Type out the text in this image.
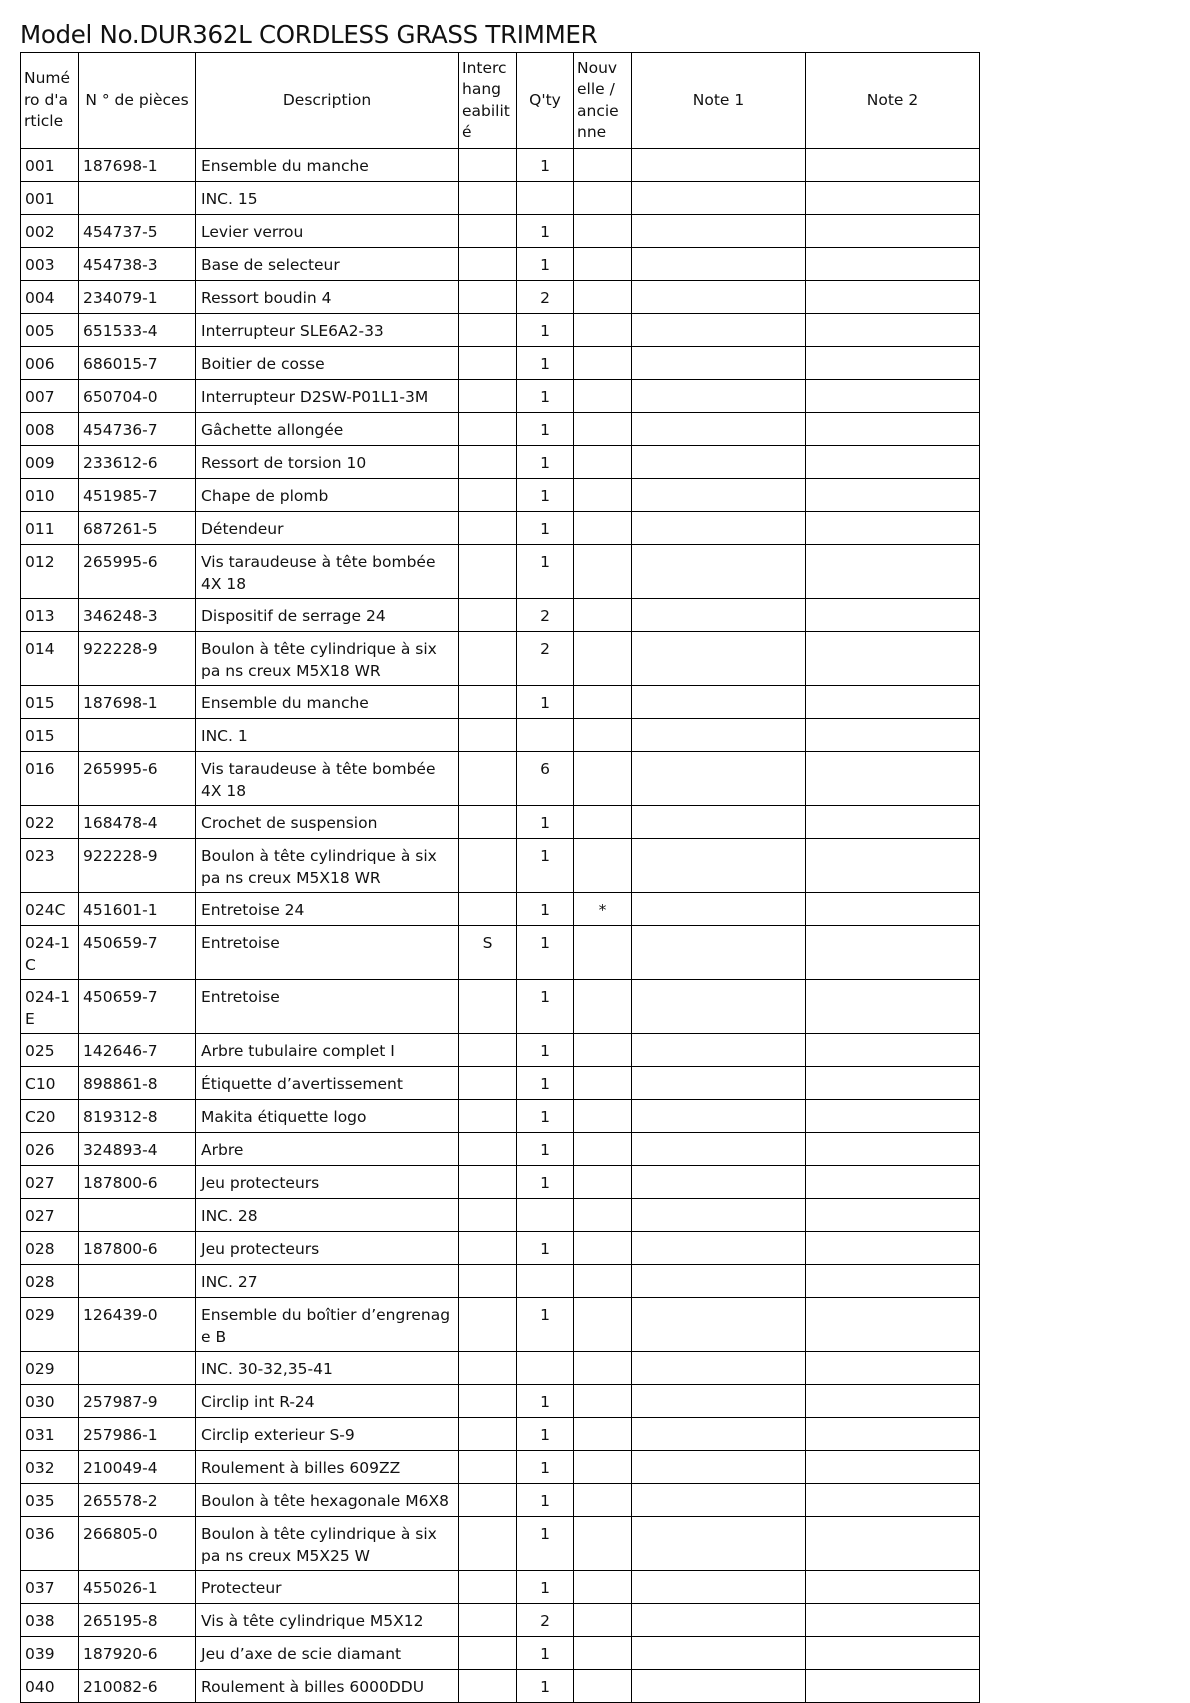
Model No.DUR362L CORDLESS GRASS TRIMMER
Numé ro d'a rticle	N ° de pièces	Description	Interc hang eabilit é	Q'ty	Nouv elle / ancie nne	Note 1	Note 2
001	187698-1	Ensemble du manche		1			
001		INC. 15					
002	454737-5	Levier verrou		1			
003	454738-3	Base de selecteur		1			
004	234079-1	Ressort boudin 4		2			
005	651533-4	Interrupteur SLE6A2-33		1			
006	686015-7	Boitier de cosse		1			
007	650704-0	Interrupteur D2SW-P01L1-3M		1			
008	454736-7	Gâchette allongée		1			
009	233612-6	Ressort de torsion 10		1			
010	451985-7	Chape de plomb		1			
011	687261-5	Détendeur		1			
012	265995-6	Vis taraudeuse à tête bombée 4X 18		1			
013	346248-3	Dispositif de serrage 24		2			
014	922228-9	Boulon à tête cylindrique à six pa ns creux M5X18 WR		2			
015	187698-1	Ensemble du manche		1			
015		INC. 1					
016	265995-6	Vis taraudeuse à tête bombée 4X 18		6			
022	168478-4	Crochet de suspension		1			
023	922228-9	Boulon à tête cylindrique à six pa ns creux M5X18 WR		1			
024C	451601-1	Entretoise 24		1	*		
024-1C	450659-7	Entretoise	S	1			
024-1E	450659-7	Entretoise		1			
025	142646-7	Arbre tubulaire complet I		1			
C10	898861-8	Étiquette d’avertissement		1			
C20	819312-8	Makita étiquette logo		1			
026	324893-4	Arbre		1			
027	187800-6	Jeu protecteurs		1			
027		INC. 28					
028	187800-6	Jeu protecteurs		1			
028		INC. 27					
029	126439-0	Ensemble du boîtier d’engrenag e B		1			
029		INC. 30-32,35-41					
030	257987-9	Circlip int R-24		1			
031	257986-1	Circlip exterieur S-9		1			
032	210049-4	Roulement à billes 609ZZ		1			
035	265578-2	Boulon à tête hexagonale M6X8		1			
036	266805-0	Boulon à tête cylindrique à six pa ns creux M5X25 W		1			
037	455026-1	Protecteur		1			
038	265195-8	Vis à tête cylindrique M5X12		2			
039	187920-6	Jeu d’axe de scie diamant		1			
040	210082-6	Roulement à billes 6000DDU		1			
